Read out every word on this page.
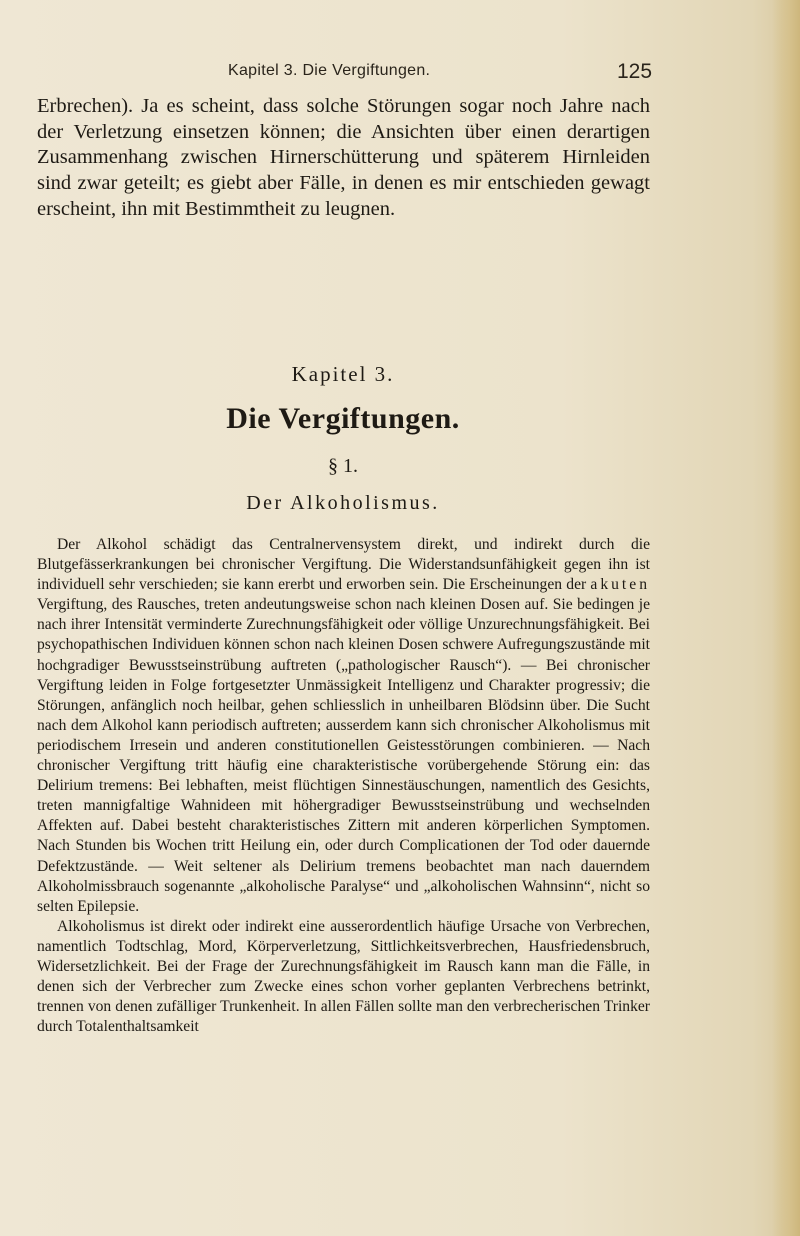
Kapitel 3. Die Vergiftungen.	125

Erbrechen). Ja es scheint, dass solche Störungen sogar noch Jahre nach der Verletzung einsetzen können; die Ansichten über einen derartigen Zusammenhang zwischen Hirnerschütterung und späterem Hirnleiden sind zwar geteilt; es giebt aber Fälle, in denen es mir entschieden gewagt erscheint, ihn mit Bestimmtheit zu leugnen.

Kapitel 3.
Die Vergiftungen.
§ 1.
Der Alkoholismus.

Der Alkohol schädigt das Centralnervensystem direkt, und indirekt durch die Blutgefässerkrankungen bei chronischer Vergiftung. Die Widerstandsunfähigkeit gegen ihn ist individuell sehr verschieden; sie kann ererbt und erworben sein. Die Erscheinungen der akuten Vergiftung, des Rausches, treten andeutungsweise schon nach kleinen Dosen auf. Sie bedingen je nach ihrer Intensität verminderte Zurechnungsfähigkeit oder völlige Unzurechnungsfähigkeit. Bei psychopathischen Individuen können schon nach kleinen Dosen schwere Aufregungszustände mit hochgradiger Bewusstseinstrübung auftreten („pathologischer Rausch“). — Bei chronischer Vergiftung leiden in Folge fortgesetzter Unmässigkeit Intelligenz und Charakter progressiv; die Störungen, anfänglich noch heilbar, gehen schliesslich in unheilbaren Blödsinn über. Die Sucht nach dem Alkohol kann periodisch auftreten; ausserdem kann sich chronischer Alkoholismus mit periodischem Irresein und anderen constitutionellen Geistesstörungen combinieren. — Nach chronischer Vergiftung tritt häufig eine charakteristische vorübergehende Störung ein: das Delirium tremens: Bei lebhaften, meist flüchtigen Sinnestäuschungen, namentlich des Gesichts, treten mannigfaltige Wahnideen mit höhergradiger Bewusstseinstrübung und wechselnden Affekten auf. Dabei besteht charakteristisches Zittern mit anderen körperlichen Symptomen. Nach Stunden bis Wochen tritt Heilung ein, oder durch Complicationen der Tod oder dauernde Defektzustände. — Weit seltener als Delirium tremens beobachtet man nach dauerndem Alkoholmissbrauch sogenannte „alkoholische Paralyse“ und „alkoholischen Wahnsinn“, nicht so selten Epilepsie.

Alkoholismus ist direkt oder indirekt eine ausserordentlich häufige Ursache von Verbrechen, namentlich Todtschlag, Mord, Körperverletzung, Sittlichkeitsverbrechen, Hausfriedensbruch, Widersetzlichkeit. Bei der Frage der Zurechnungsfähigkeit im Rausch kann man die Fälle, in denen sich der Verbrecher zum Zwecke eines schon vorher geplanten Verbrechens betrinkt, trennen von denen zufälliger Trunkenheit. In allen Fällen sollte man den verbrecherischen Trinker durch Totalenthaltsamkeit
